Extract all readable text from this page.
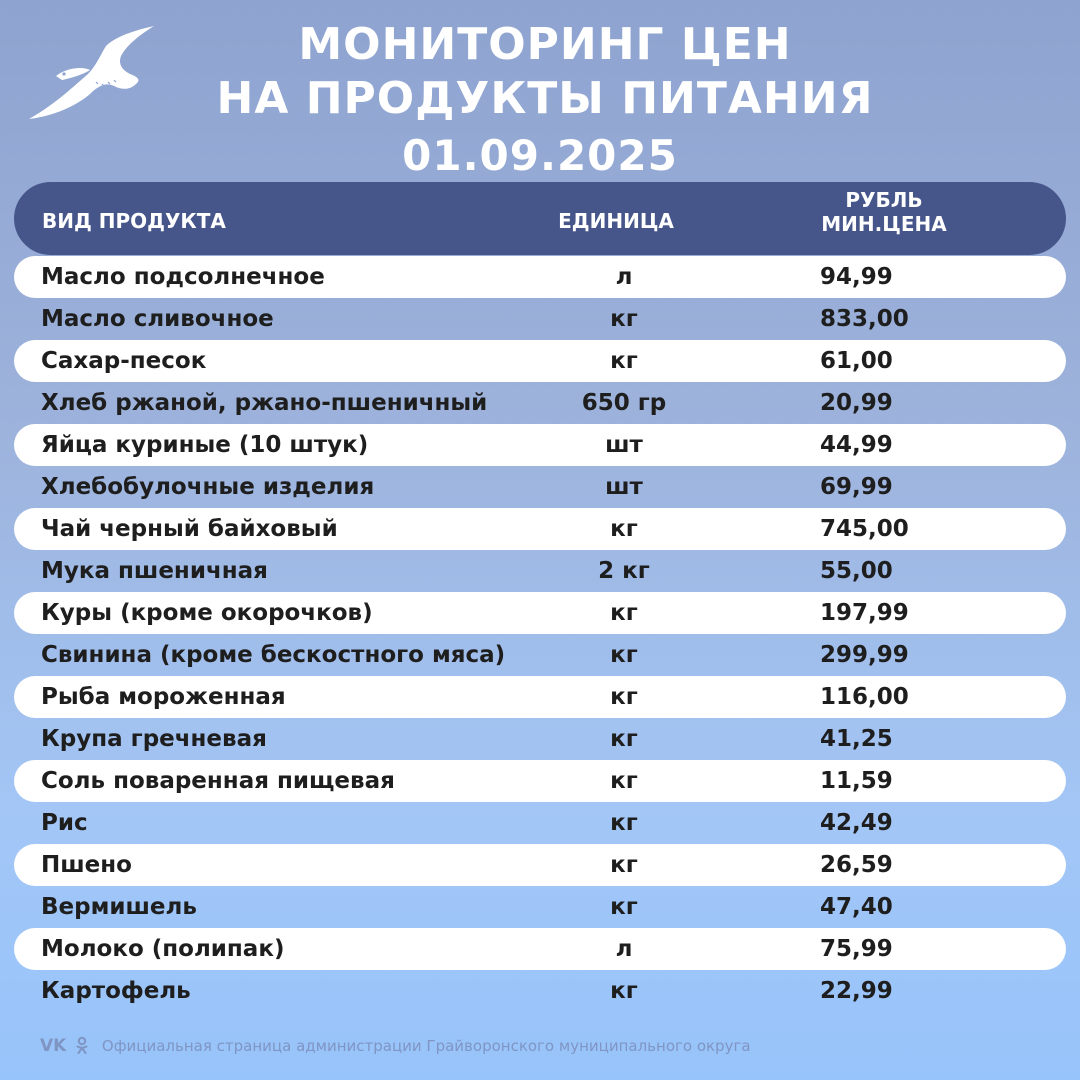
МОНИТОРИНГ ЦЕН
НА ПРОДУКТЫ ПИТАНИЯ
01.09.2025
ВИД ПРОДУКТА	ЕДИНИЦА
РУБЛЬ
МИН.ЦЕНА
Масло подсолнечное	л	94,99
Масло сливочное	кг	833,00
Сахар-песок	кг	61,00
Хлеб ржаной, ржано-пшеничный	650 гр	20,99
Яйца куриные (10 штук)	шт	44,99
Хлебобулочные изделия	шт	69,99
Чай черный байховый	кг	745,00
Мука пшеничная	2 кг	55,00
Куры (кроме окорочков)	кг	197,99
Свинина (кроме бескостного мяса)	кг	299,99
Рыба мороженная	кг	116,00
Крупа гречневая	кг	41,25
Соль поваренная пищевая	кг	11,59
Рис	кг	42,49
Пшено	кг	26,59
Вермишель	кг	47,40
Молоко (полипак)	л	75,99
Картофель	кг	22,99
VK Официальная страница администрации Грайворонского муниципального округа
